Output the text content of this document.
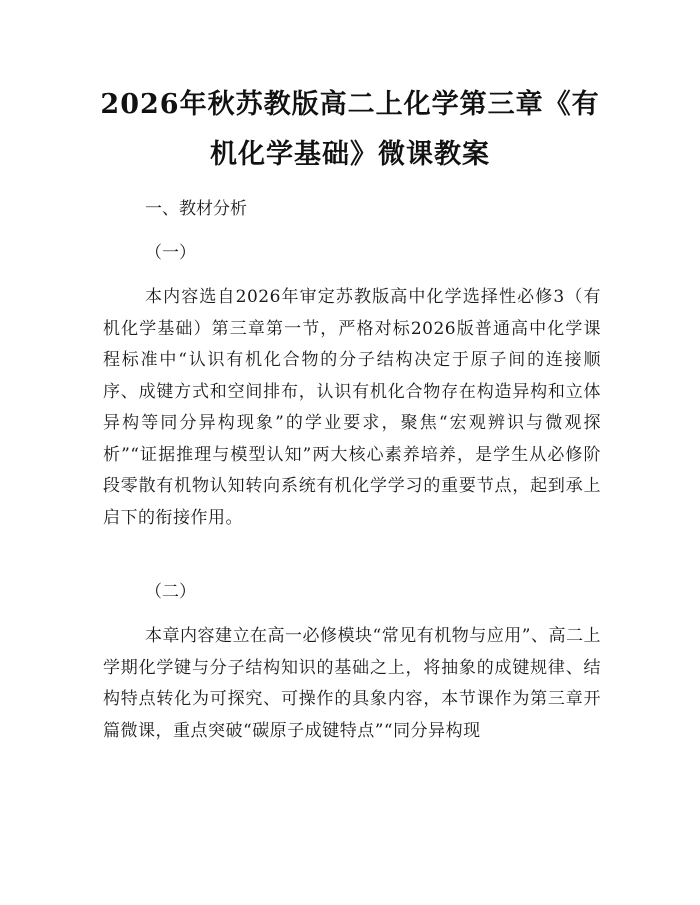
2026年秋苏教版高二上化学第三章《有机化学基础》微课教案
一、教材分析
（一）
本内容选自2026年审定苏教版高中化学选择性必修3（有机化学基础）第三章第一节，严格对标2026版普通高中化学课程标准中“认识有机化合物的分子结构决定于原子间的连接顺序、成键方式和空间排布，认识有机化合物存在构造异构和立体异构等同分异构现象”的学业要求，聚焦“宏观辨识与微观探析”“证据推理与模型认知”两大核心素养培养，是学生从必修阶段零散有机物认知转向系统有机化学学习的重要节点，起到承上启下的衔接作用。
（二）
本章内容建立在高一必修模块“常见有机物与应用”、高二上学期化学键与分子结构知识的基础之上，将抽象的成键规律、结构特点转化为可探究、可操作的具象内容，本节课作为第三章开篇微课，重点突破“碳原子成键特点”“同分异构现
